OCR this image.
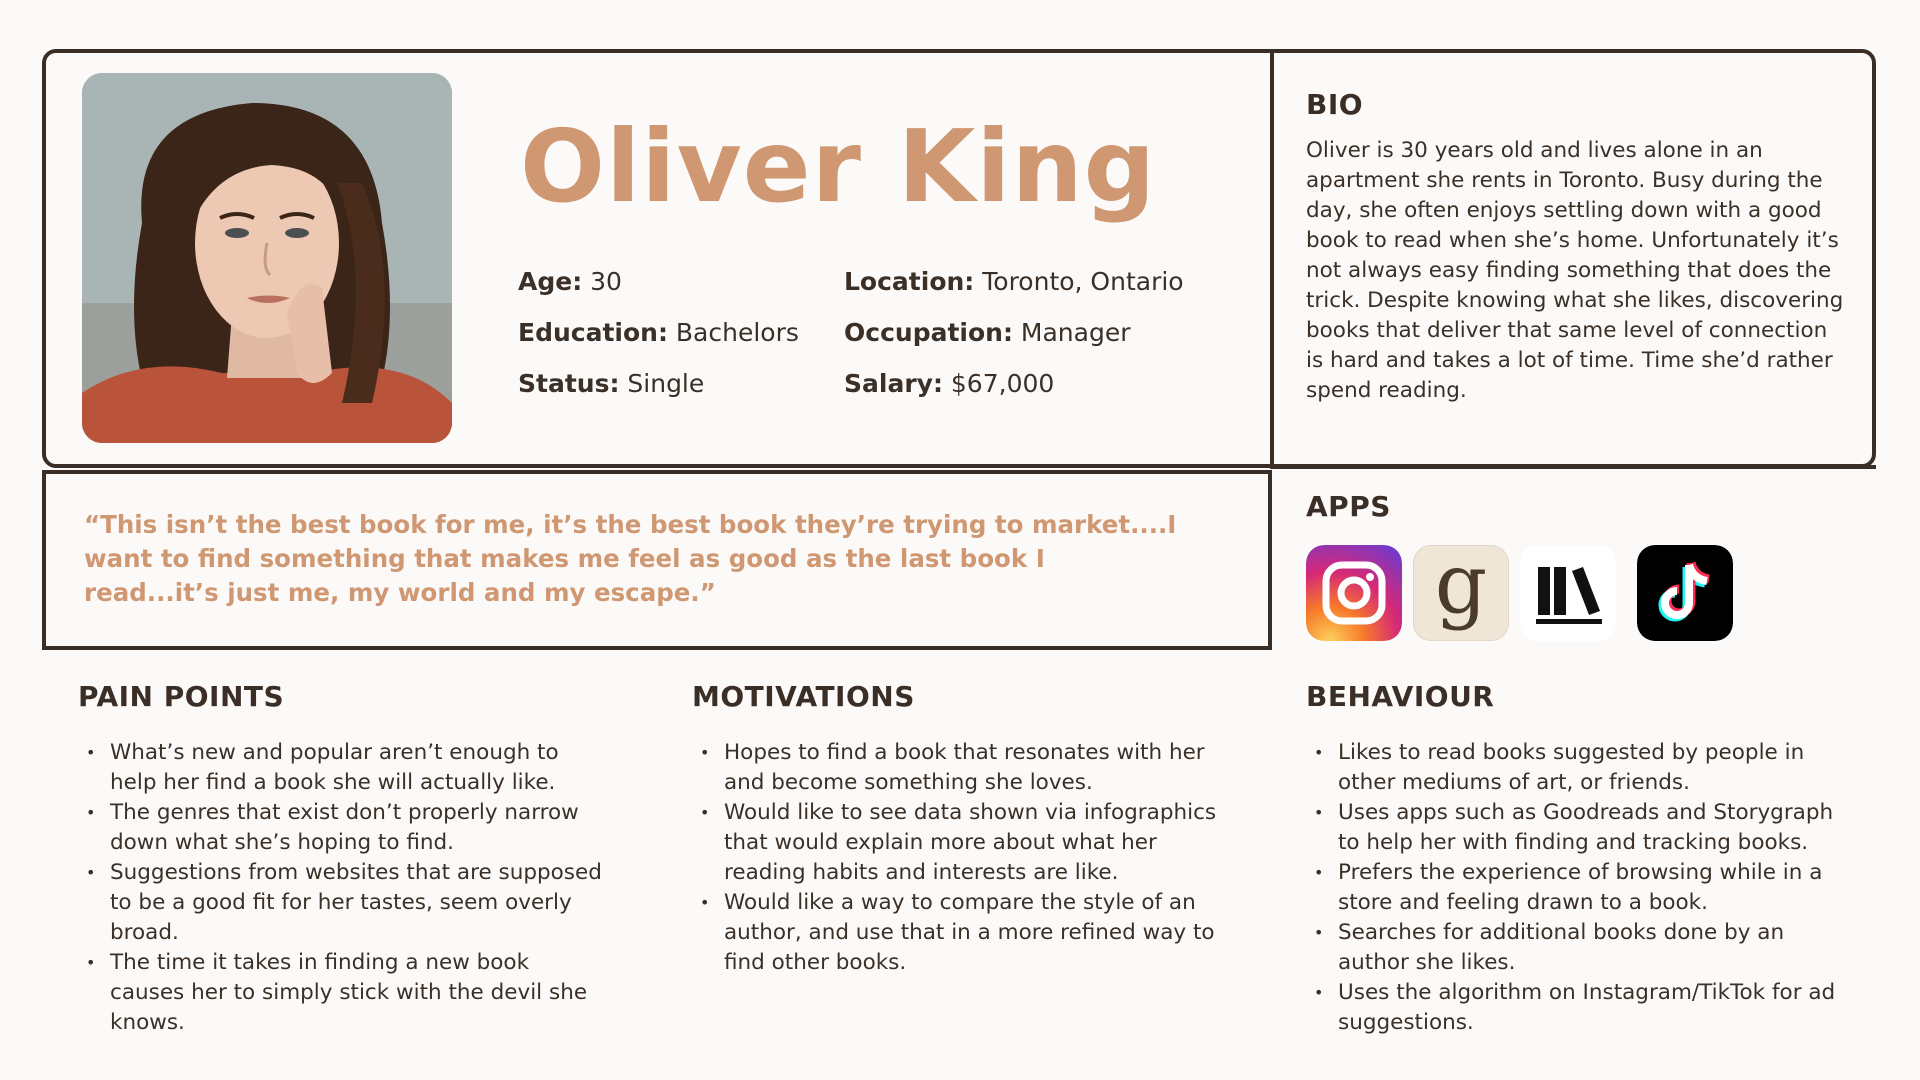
Oliver King
Age: 30	Location: Toronto, Ontario
Education: Bachelors Occupation: Manager
Status: Single	Salary: $67,000
BIO
Oliver is 30 years old and lives alone in an apartment she rents in Toronto. Busy during the day, she often enjoys settling down with a good book to read when she’s home. Unfortunately it’s not always easy finding something that does the trick. Despite knowing what she likes, discovering books that deliver that same level of connection is hard and takes a lot of time. Time she’d rather spend reading.
“This isn’t the best book for me, it’s the best book they’re trying to market....I want to find something that makes me feel as good as the last book I read...it’s just me, my world and my escape.”
APPS
g
PAIN POINTS
• What’s new and popular aren’t enough to help her find a book she will actually like.
• The genres that exist don’t properly narrow down what she’s hoping to find.
• Suggestions from websites that are supposed to be a good fit for her tastes, seem overly broad.
• The time it takes in finding a new book causes her to simply stick with the devil she knows.
MOTIVATIONS
• Hopes to find a book that resonates with her and become something she loves.
• Would like to see data shown via infographics that would explain more about what her reading habits and interests are like.
• Would like a way to compare the style of an author, and use that in a more refined way to find other books.
BEHAVIOUR
• Likes to read books suggested by people in other mediums of art, or friends.
• Uses apps such as Goodreads and Storygraph to help her with finding and tracking books.
• Prefers the experience of browsing while in a store and feeling drawn to a book.
• Searches for additional books done by an author she likes.
• Uses the algorithm on Instagram/TikTok for ad suggestions.
